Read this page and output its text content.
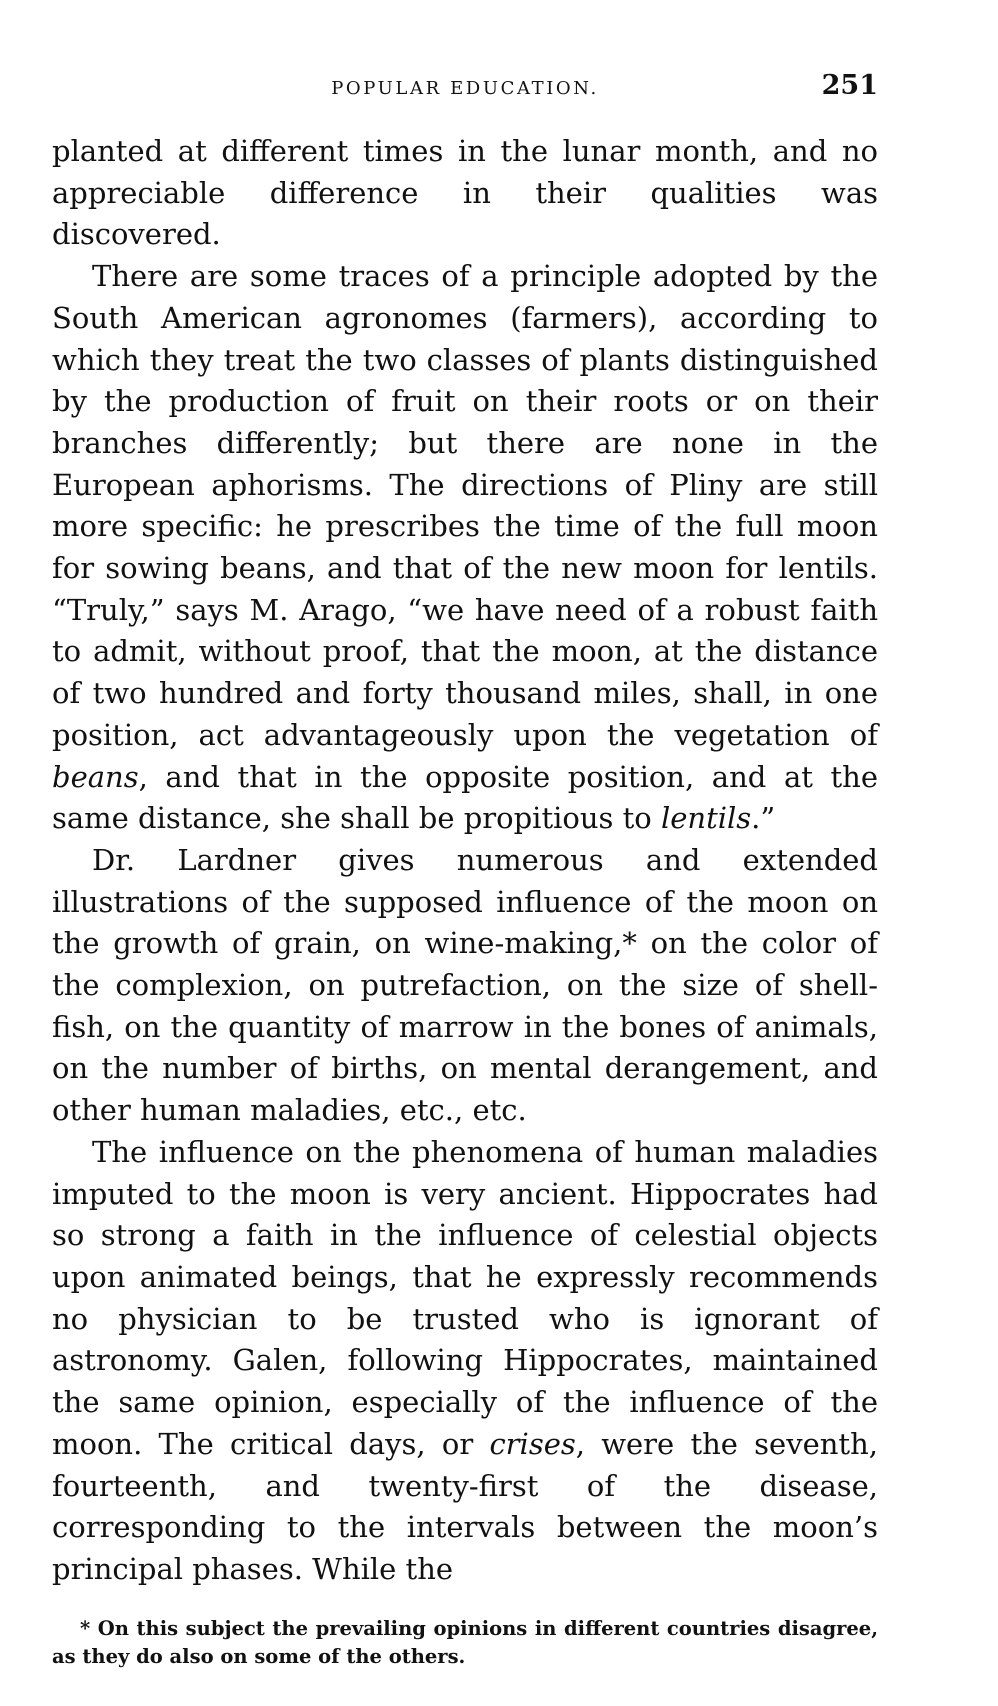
POPULAR EDUCATION.	251

planted at different times in the lunar month, and no appreciable difference in their qualities was discovered.

There are some traces of a principle adopted by the South American agronomes (farmers), according to which they treat the two classes of plants distinguished by the production of fruit on their roots or on their branches differently; but there are none in the European aphorisms. The directions of Pliny are still more specific: he prescribes the time of the full moon for sowing beans, and that of the new moon for lentils. “Truly,” says M. Arago, “we have need of a robust faith to admit, without proof, that the moon, at the distance of two hundred and forty thousand miles, shall, in one position, act advantageously upon the vegetation of beans, and that in the opposite position, and at the same distance, she shall be propitious to lentils.”

Dr. Lardner gives numerous and extended illustrations of the supposed influence of the moon on the growth of grain, on wine-making,* on the color of the complexion, on putrefaction, on the size of shell-fish, on the quantity of marrow in the bones of animals, on the number of births, on mental derangement, and other human maladies, etc., etc.

The influence on the phenomena of human maladies imputed to the moon is very ancient. Hippocrates had so strong a faith in the influence of celestial objects upon animated beings, that he expressly recommends no physician to be trusted who is ignorant of astronomy. Galen, following Hippocrates, maintained the same opinion, especially of the influence of the moon. The critical days, or crises, were the seventh, fourteenth, and twenty-first of the disease, corresponding to the intervals between the moon’s principal phases. While the

* On this subject the prevailing opinions in different countries disagree, as they do also on some of the others.
